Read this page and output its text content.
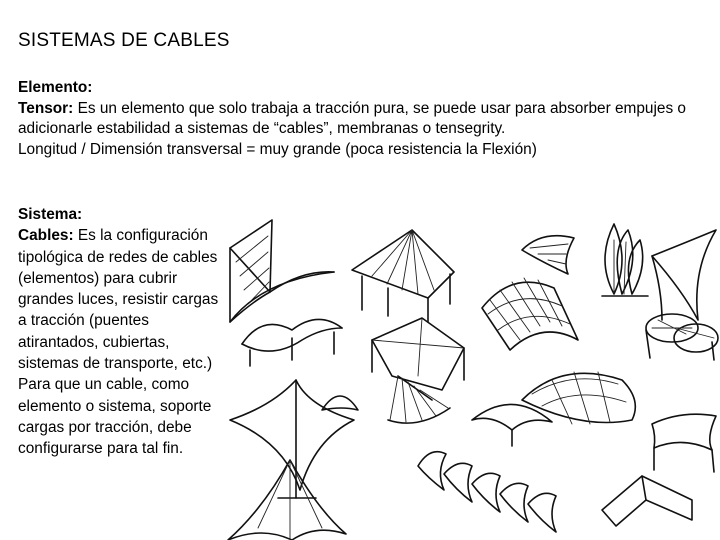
SISTEMAS DE CABLES
Elemento:
Tensor: Es un elemento que solo trabaja a tracción pura, se puede usar para absorber empujes o adicionarle estabilidad a sistemas de “cables”, membranas o tensegrity.
Longitud / Dimensión transversal = muy grande (poca resistencia la Flexión)
Sistema:
Cables: Es la configuración tipológica de redes de cables (elementos) para cubrir grandes luces, resistir cargas a tracción (puentes atirantados, cubiertas, sistemas de transporte, etc.)
Para que un cable, como elemento o sistema, soporte cargas por tracción, debe configurarse para tal fin.
